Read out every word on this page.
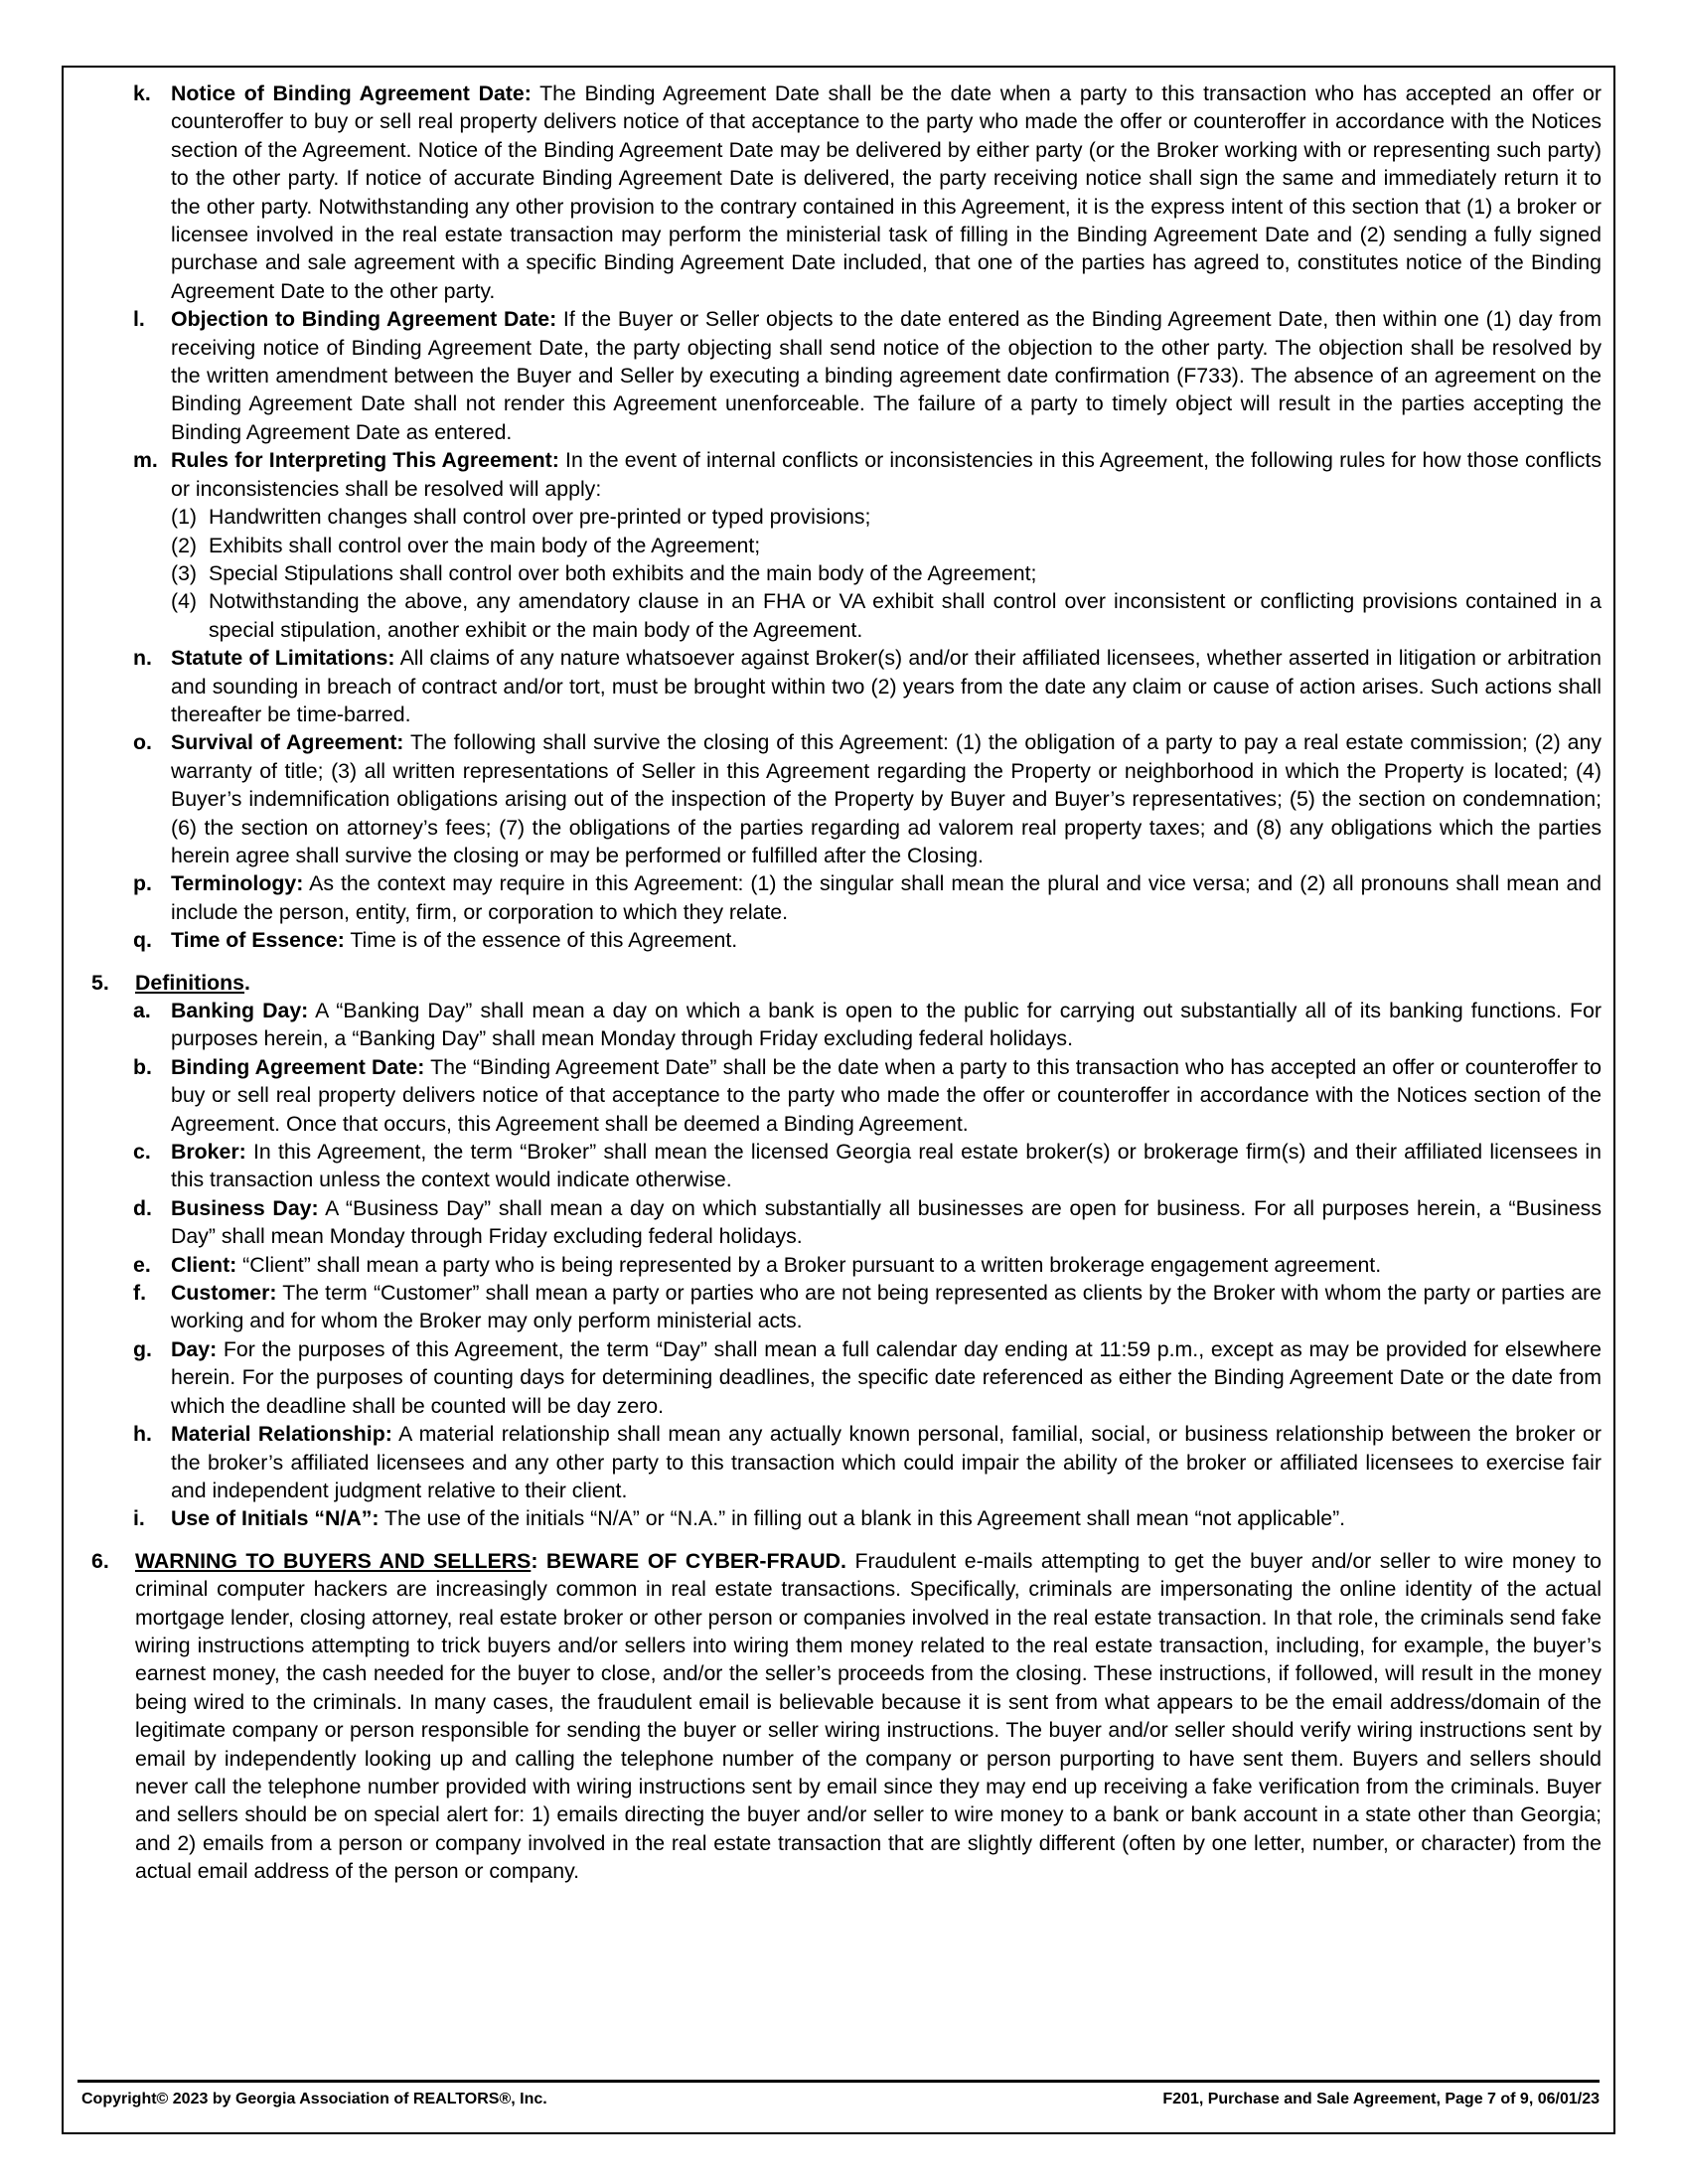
k. Notice of Binding Agreement Date: The Binding Agreement Date shall be the date when a party to this transaction who has accepted an offer or counteroffer to buy or sell real property delivers notice of that acceptance to the party who made the offer or counteroffer in accordance with the Notices section of the Agreement. Notice of the Binding Agreement Date may be delivered by either party (or the Broker working with or representing such party) to the other party. If notice of accurate Binding Agreement Date is delivered, the party receiving notice shall sign the same and immediately return it to the other party. Notwithstanding any other provision to the contrary contained in this Agreement, it is the express intent of this section that (1) a broker or licensee involved in the real estate transaction may perform the ministerial task of filling in the Binding Agreement Date and (2) sending a fully signed purchase and sale agreement with a specific Binding Agreement Date included, that one of the parties has agreed to, constitutes notice of the Binding Agreement Date to the other party.
l. Objection to Binding Agreement Date: If the Buyer or Seller objects to the date entered as the Binding Agreement Date, then within one (1) day from receiving notice of Binding Agreement Date, the party objecting shall send notice of the objection to the other party. The objection shall be resolved by the written amendment between the Buyer and Seller by executing a binding agreement date confirmation (F733). The absence of an agreement on the Binding Agreement Date shall not render this Agreement unenforceable. The failure of a party to timely object will result in the parties accepting the Binding Agreement Date as entered.
m. Rules for Interpreting This Agreement: In the event of internal conflicts or inconsistencies in this Agreement, the following rules for how those conflicts or inconsistencies shall be resolved will apply:
(1) Handwritten changes shall control over pre-printed or typed provisions;
(2) Exhibits shall control over the main body of the Agreement;
(3) Special Stipulations shall control over both exhibits and the main body of the Agreement;
(4) Notwithstanding the above, any amendatory clause in an FHA or VA exhibit shall control over inconsistent or conflicting provisions contained in a special stipulation, another exhibit or the main body of the Agreement.
n. Statute of Limitations: All claims of any nature whatsoever against Broker(s) and/or their affiliated licensees, whether asserted in litigation or arbitration and sounding in breach of contract and/or tort, must be brought within two (2) years from the date any claim or cause of action arises. Such actions shall thereafter be time-barred.
o. Survival of Agreement: The following shall survive the closing of this Agreement: (1) the obligation of a party to pay a real estate commission; (2) any warranty of title; (3) all written representations of Seller in this Agreement regarding the Property or neighborhood in which the Property is located; (4) Buyer’s indemnification obligations arising out of the inspection of the Property by Buyer and Buyer’s representatives; (5) the section on condemnation; (6) the section on attorney’s fees; (7) the obligations of the parties regarding ad valorem real property taxes; and (8) any obligations which the parties herein agree shall survive the closing or may be performed or fulfilled after the Closing.
p. Terminology: As the context may require in this Agreement: (1) the singular shall mean the plural and vice versa; and (2) all pronouns shall mean and include the person, entity, firm, or corporation to which they relate.
q. Time of Essence: Time is of the essence of this Agreement.
5. Definitions.
a. Banking Day: A “Banking Day” shall mean a day on which a bank is open to the public for carrying out substantially all of its banking functions. For purposes herein, a “Banking Day” shall mean Monday through Friday excluding federal holidays.
b. Binding Agreement Date: The “Binding Agreement Date” shall be the date when a party to this transaction who has accepted an offer or counteroffer to buy or sell real property delivers notice of that acceptance to the party who made the offer or counteroffer in accordance with the Notices section of the Agreement. Once that occurs, this Agreement shall be deemed a Binding Agreement.
c. Broker: In this Agreement, the term “Broker” shall mean the licensed Georgia real estate broker(s) or brokerage firm(s) and their affiliated licensees in this transaction unless the context would indicate otherwise.
d. Business Day: A “Business Day” shall mean a day on which substantially all businesses are open for business. For all purposes herein, a “Business Day” shall mean Monday through Friday excluding federal holidays.
e. Client: “Client” shall mean a party who is being represented by a Broker pursuant to a written brokerage engagement agreement.
f. Customer: The term “Customer” shall mean a party or parties who are not being represented as clients by the Broker with whom the party or parties are working and for whom the Broker may only perform ministerial acts.
g. Day: For the purposes of this Agreement, the term “Day” shall mean a full calendar day ending at 11:59 p.m., except as may be provided for elsewhere herein. For the purposes of counting days for determining deadlines, the specific date referenced as either the Binding Agreement Date or the date from which the deadline shall be counted will be day zero.
h. Material Relationship: A material relationship shall mean any actually known personal, familial, social, or business relationship between the broker or the broker’s affiliated licensees and any other party to this transaction which could impair the ability of the broker or affiliated licensees to exercise fair and independent judgment relative to their client.
i. Use of Initials “N/A”: The use of the initials “N/A” or “N.A.” in filling out a blank in this Agreement shall mean “not applicable”.
6. WARNING TO BUYERS AND SELLERS: BEWARE OF CYBER-FRAUD. Fraudulent e-mails attempting to get the buyer and/or seller to wire money to criminal computer hackers are increasingly common in real estate transactions. Specifically, criminals are impersonating the online identity of the actual mortgage lender, closing attorney, real estate broker or other person or companies involved in the real estate transaction. In that role, the criminals send fake wiring instructions attempting to trick buyers and/or sellers into wiring them money related to the real estate transaction, including, for example, the buyer’s earnest money, the cash needed for the buyer to close, and/or the seller’s proceeds from the closing. These instructions, if followed, will result in the money being wired to the criminals. In many cases, the fraudulent email is believable because it is sent from what appears to be the email address/domain of the legitimate company or person responsible for sending the buyer or seller wiring instructions. The buyer and/or seller should verify wiring instructions sent by email by independently looking up and calling the telephone number of the company or person purporting to have sent them. Buyers and sellers should never call the telephone number provided with wiring instructions sent by email since they may end up receiving a fake verification from the criminals. Buyer and sellers should be on special alert for: 1) emails directing the buyer and/or seller to wire money to a bank or bank account in a state other than Georgia; and 2) emails from a person or company involved in the real estate transaction that are slightly different (often by one letter, number, or character) from the actual email address of the person or company.
Copyright© 2023 by Georgia Association of REALTORS®, Inc.	F201, Purchase and Sale Agreement, Page 7 of 9, 06/01/23
